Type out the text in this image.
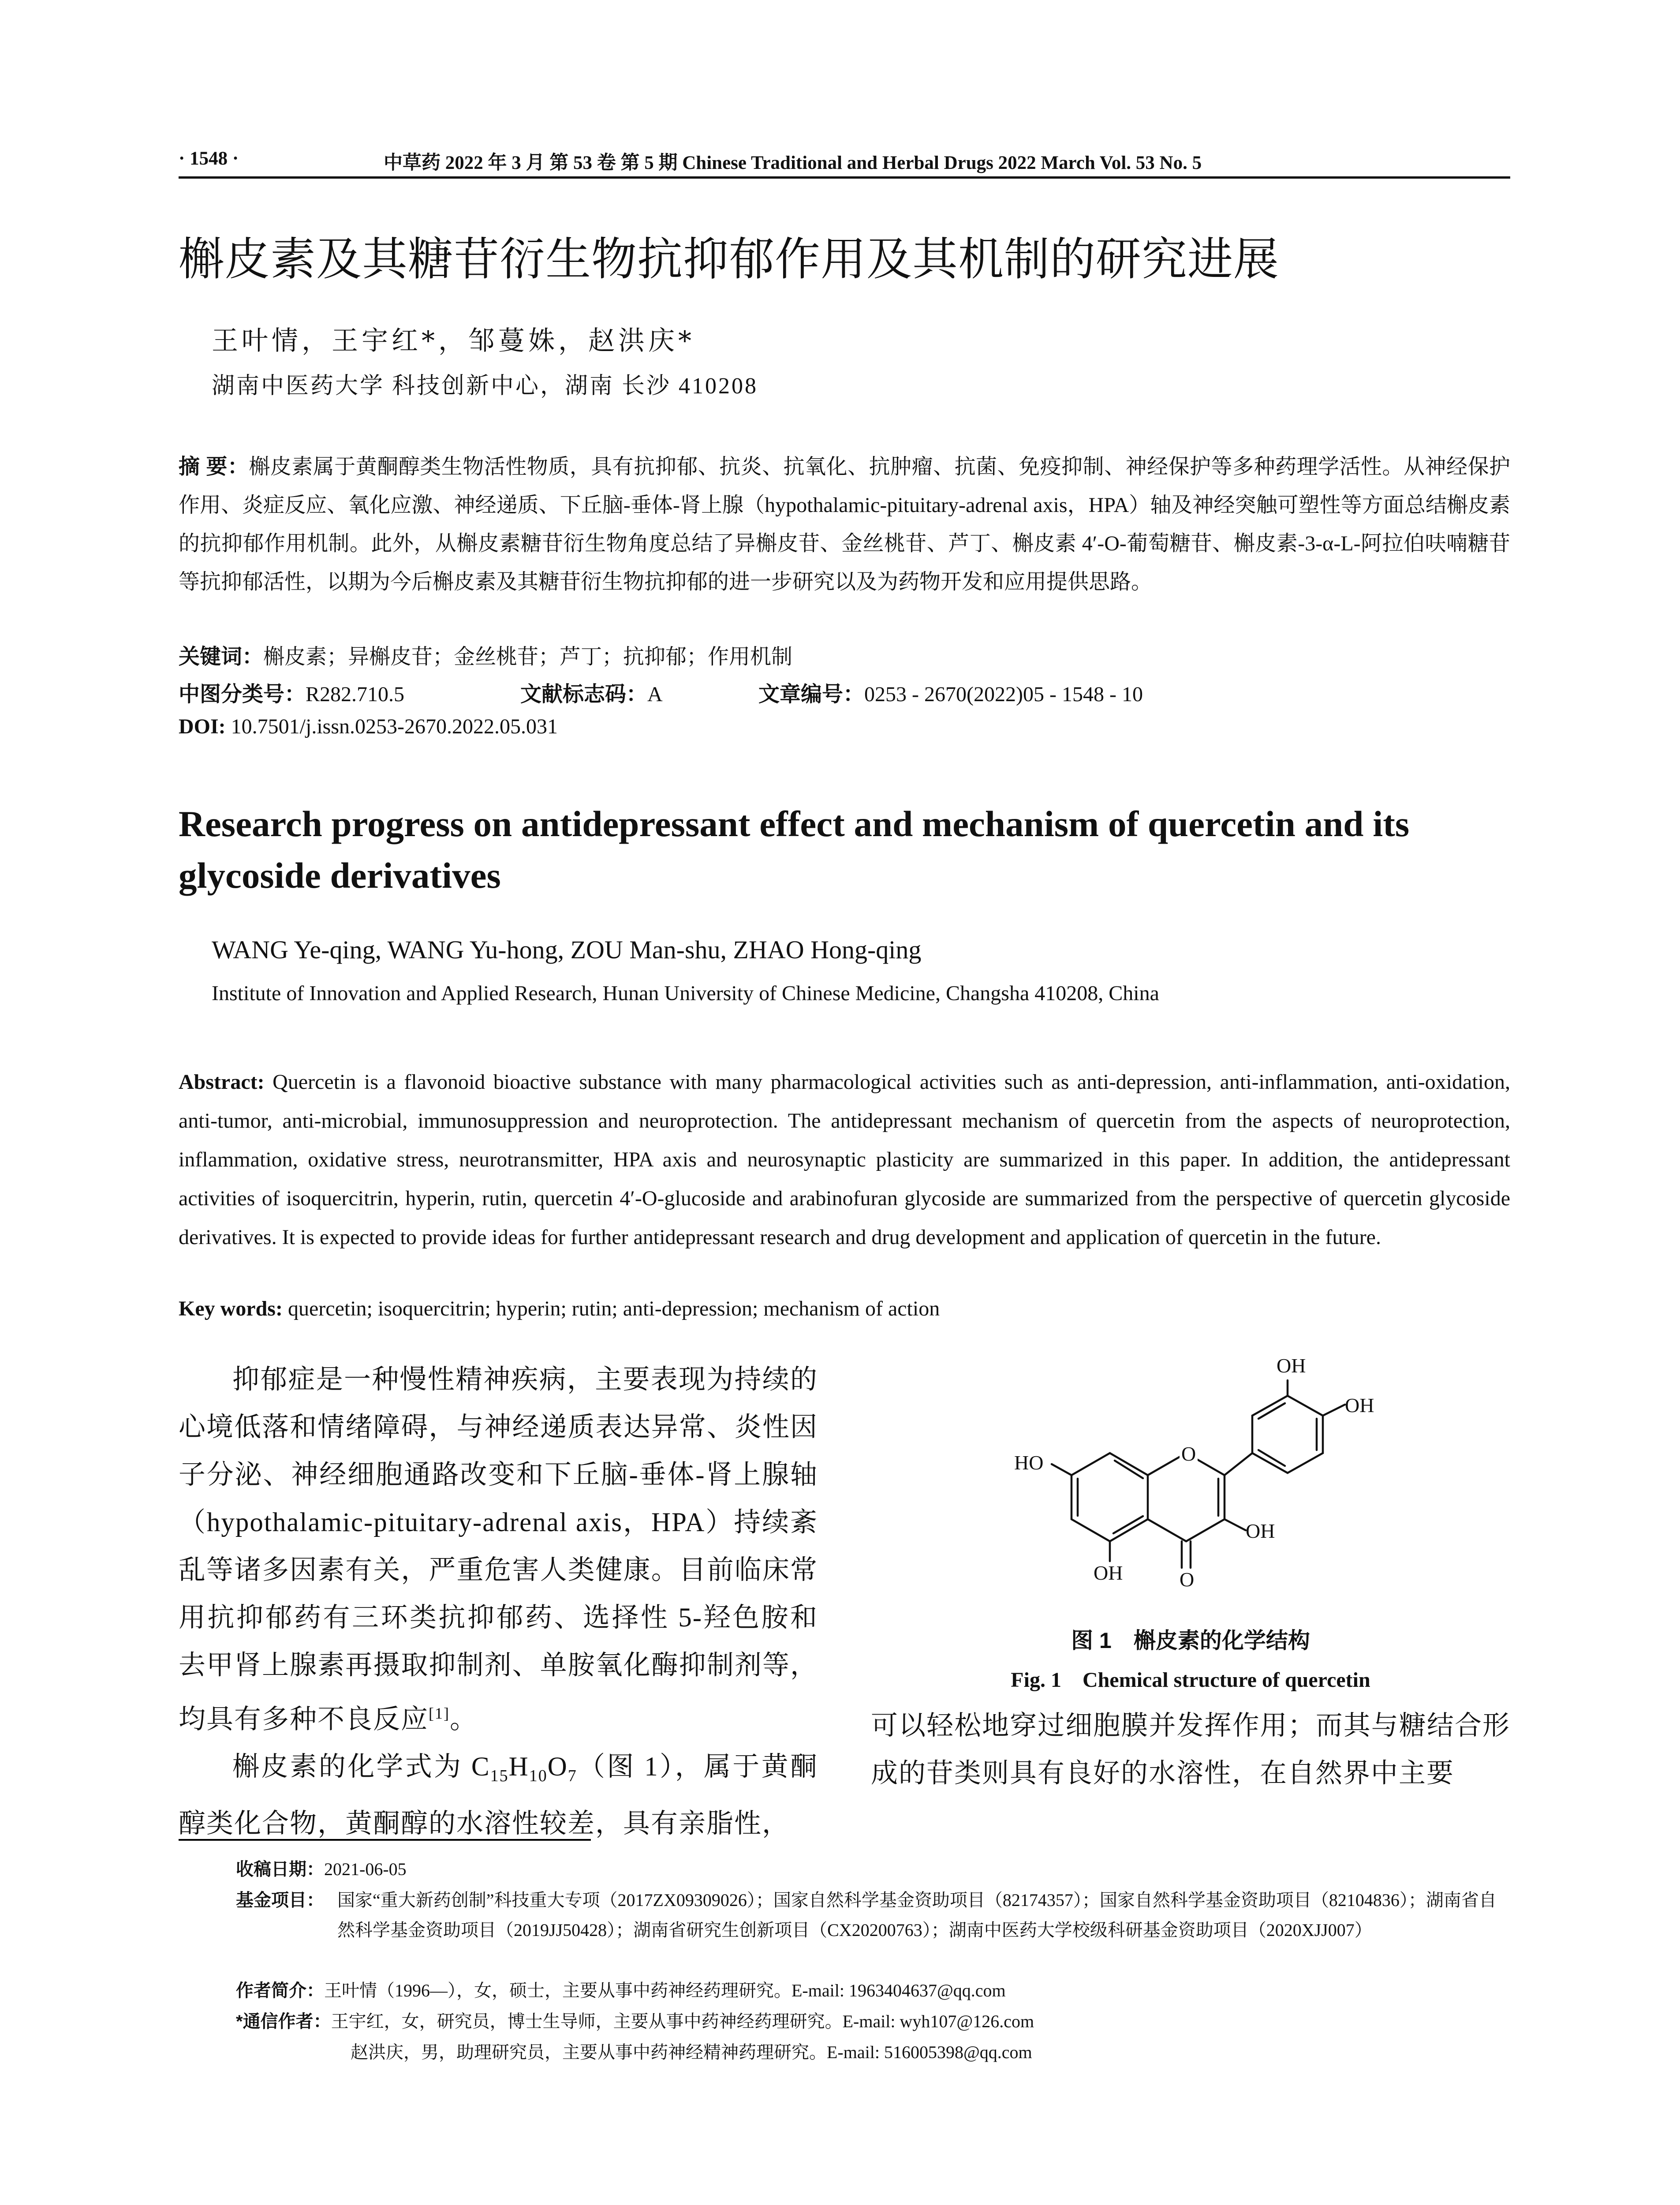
· 1548 ·	中草药 2022 年 3 月 第 53 卷 第 5 期 Chinese Traditional and Herbal Drugs 2022 March Vol. 53 No. 5
槲皮素及其糖苷衍生物抗抑郁作用及其机制的研究进展
王叶情，王宇红*，邹蔓姝，赵洪庆*
湖南中医药大学 科技创新中心，湖南 长沙 410208
摘 要：槲皮素属于黄酮醇类生物活性物质，具有抗抑郁、抗炎、抗氧化、抗肿瘤、抗菌、免疫抑制、神经保护等多种药理学活性。从神经保护作用、炎症反应、氧化应激、神经递质、下丘脑-垂体-肾上腺（hypothalamic-pituitary-adrenal axis，HPA）轴及神经突触可塑性等方面总结槲皮素的抗抑郁作用机制。此外，从槲皮素糖苷衍生物角度总结了异槲皮苷、金丝桃苷、芦丁、槲皮素 4′-O-葡萄糖苷、槲皮素-3-α-L-阿拉伯呋喃糖苷等抗抑郁活性，以期为今后槲皮素及其糖苷衍生物抗抑郁的进一步研究以及为药物开发和应用提供思路。
关键词：槲皮素；异槲皮苷；金丝桃苷；芦丁；抗抑郁；作用机制
中图分类号：R282.710.5	文献标志码：A	文章编号：0253 - 2670(2022)05 - 1548 - 10
DOI: 10.7501/j.issn.0253-2670.2022.05.031
Research progress on antidepressant effect and mechanism of quercetin and its glycoside derivatives
WANG Ye-qing, WANG Yu-hong, ZOU Man-shu, ZHAO Hong-qing
Institute of Innovation and Applied Research, Hunan University of Chinese Medicine, Changsha 410208, China
Abstract: Quercetin is a flavonoid bioactive substance with many pharmacological activities such as anti-depression, anti-inflammation, anti-oxidation, anti-tumor, anti-microbial, immunosuppression and neuroprotection. The antidepressant mechanism of quercetin from the aspects of neuroprotection, inflammation, oxidative stress, neurotransmitter, HPA axis and neurosynaptic plasticity are summarized in this paper. In addition, the antidepressant activities of isoquercitrin, hyperin, rutin, quercetin 4′-O-glucoside and arabinofuran glycoside are summarized from the perspective of quercetin glycoside derivatives. It is expected to provide ideas for further antidepressant research and drug development and application of quercetin in the future.
Key words: quercetin; isoquercitrin; hyperin; rutin; anti-depression; mechanism of action

抑郁症是一种慢性精神疾病，主要表现为持续的心境低落和情绪障碍，与神经递质表达异常、炎性因子分泌、神经细胞通路改变和下丘脑-垂体-肾上腺轴（hypothalamic-pituitary-adrenal axis，HPA）持续紊乱等诸多因素有关，严重危害人类健康。目前临床常用抗抑郁药有三环类抗抑郁药、选择性 5-羟色胺和去甲肾上腺素再摄取抑制剂、单胺氧化酶抑制剂等，均具有多种不良反应[1]。

槲皮素的化学式为 $C_{15}H_{10}O_7$（图 1），属于黄酮醇类化合物，黄酮醇的水溶性较差，具有亲脂性，

OH
OH
HO
OH
OH
O
O
图 1　槲皮素的化学结构
Fig. 1　Chemical structure of quercetin
可以轻松地穿过细胞膜并发挥作用；而其与糖结合形成的苷类则具有良好的水溶性，在自然界中主要
收稿日期：2021-06-05
基金项目： 国家“重大新药创制”科技重大专项（2017ZX09309026）；国家自然科学基金资助项目（82174357）；国家自然科学基金资助项目（82104836）；湖南省自然科学基金资助项目（2019JJ50428）；湖南省研究生创新项目（CX20200763）；湖南中医药大学校级科研基金资助项目（2020XJJ007）
作者简介：王叶情（1996—），女，硕士，主要从事中药神经药理研究。E-mail: 1963404637@qq.com
*通信作者：王宇红，女，研究员，博士生导师，主要从事中药神经药理研究。E-mail: wyh107@126.com
赵洪庆，男，助理研究员，主要从事中药神经精神药理研究。E-mail: 516005398@qq.com
